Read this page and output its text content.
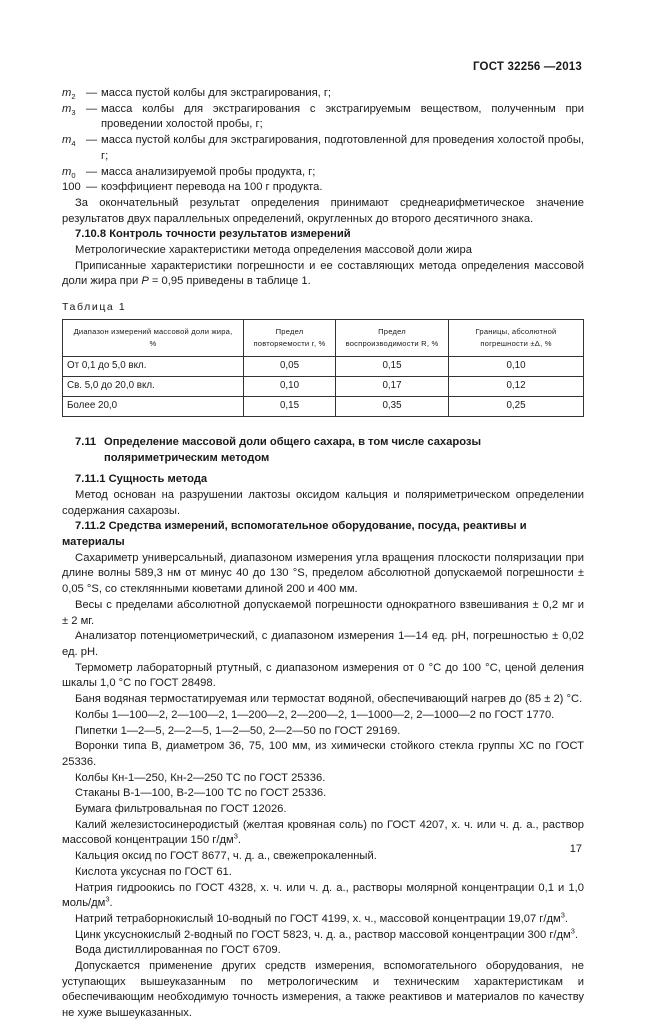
ГОСТ 32256 —2013
$m_2$ — масса пустой колбы для экстрагирования, г;
$m_3$ — масса колбы для экстрагирования с экстрагируемым веществом, полученным при проведении холостой пробы, г;
$m_4$ — масса пустой колбы для экстрагирования, подготовленной для проведения холостой пробы, г;
$m_0$ — масса анализируемой пробы продукта, г;
100 — коэффициент перевода на 100 г продукта.

За окончательный результат определения принимают среднеарифметическое значение результатов двух параллельных определений, округленных до второго десятичного знака.

7.10.8 Контроль точности результатов измерений

Метрологические характеристики метода определения массовой доли жира

Приписанные характеристики погрешности и ее составляющих метода определения массовой доли жира при P = 0,95 приведены в таблице 1.

Таблица 1
Диапазон измерений массовой доли жира, %	Предел повторяемости r, %	Предел воспроизводимости R, %	Границы, абсолютной погрешности ±Δ, %
От 0,1 до 5,0 вкл.	0,05	0,15	0,10
Св. 5,0 до 20,0 вкл.	0,10	0,17	0,12
Более 20,0	0,15	0,35	0,25

7.11 Определение массовой доли общего сахара, в том числе сахарозы
поляриметрическим методом

7.11.1 Сущность метода

Метод основан на разрушении лактозы оксидом кальция и поляриметрическом определении содержания сахарозы.

7.11.2 Средства измерений, вспомогательное оборудование, посуда, реактивы и материалы

Сахариметр универсальный, диапазоном измерения угла вращения плоскости поляризации при длине волны 589,3 нм от минус 40 до 130 °S, пределом абсолютной допускаемой погрешности ± 0,05 °S, со стеклянными кюветами длиной 200 и 400 мм.

Весы с пределами абсолютной допускаемой погрешности однократного взвешивания ± 0,2 мг и ± 2 мг.

Анализатор потенциометрический, с диапазоном измерения 1—14 ед. pH, погрешностью ± 0,02 ед. pH.

Термометр лабораторный ртутный, с диапазоном измерения от 0 °С до 100 °С, ценой деления шкалы 1,0 °С по ГОСТ 28498.

Баня водяная термостатируемая или термостат водяной, обеспечивающий нагрев до (85 ± 2) °С.

Колбы 1—100—2, 2—100—2, 1—200—2, 2—200—2, 1—1000—2, 2—1000—2 по ГОСТ 1770.

Пипетки 1—2—5, 2—2—5, 1—2—50, 2—2—50 по ГОСТ 29169.

Воронки типа В, диаметром 36, 75, 100 мм, из химически стойкого стекла группы ХС по ГОСТ 25336.

Колбы Кн-1—250, Кн-2—250 ТС по ГОСТ 25336.

Стаканы В-1—100, В-2—100 ТС по ГОСТ 25336.

Бумага фильтровальная по ГОСТ 12026.

Калий железистосинеродистый (желтая кровяная соль) по ГОСТ 4207, х. ч. или ч. д. а., раствор массовой концентрации 150 $г/дм^3$.

Кальция оксид по ГОСТ 8677, ч. д. а., свежепрокаленный.

Кислота уксусная по ГОСТ 61.

Натрия гидроокись по ГОСТ 4328, х. ч. или ч. д. а., растворы молярной концентрации 0,1 и 1,0 моль/$дм^3$.

Натрий тетраборнокислый 10-водный по ГОСТ 4199, х. ч., массовой концентрации 19,07 $г/дм^3$.

Цинк уксуснокислый 2-водный по ГОСТ 5823, ч. д. а., раствор массовой концентрации 300 $г/дм^3$.

Вода дистиллированная по ГОСТ 6709.

Допускается применение других средств измерения, вспомогательного оборудования, не уступающих вышеуказанным по метрологическим и техническим характеристикам и обеспечивающим необходимую точность измерения, а также реактивов и материалов по качеству не хуже вышеуказанных.

17
